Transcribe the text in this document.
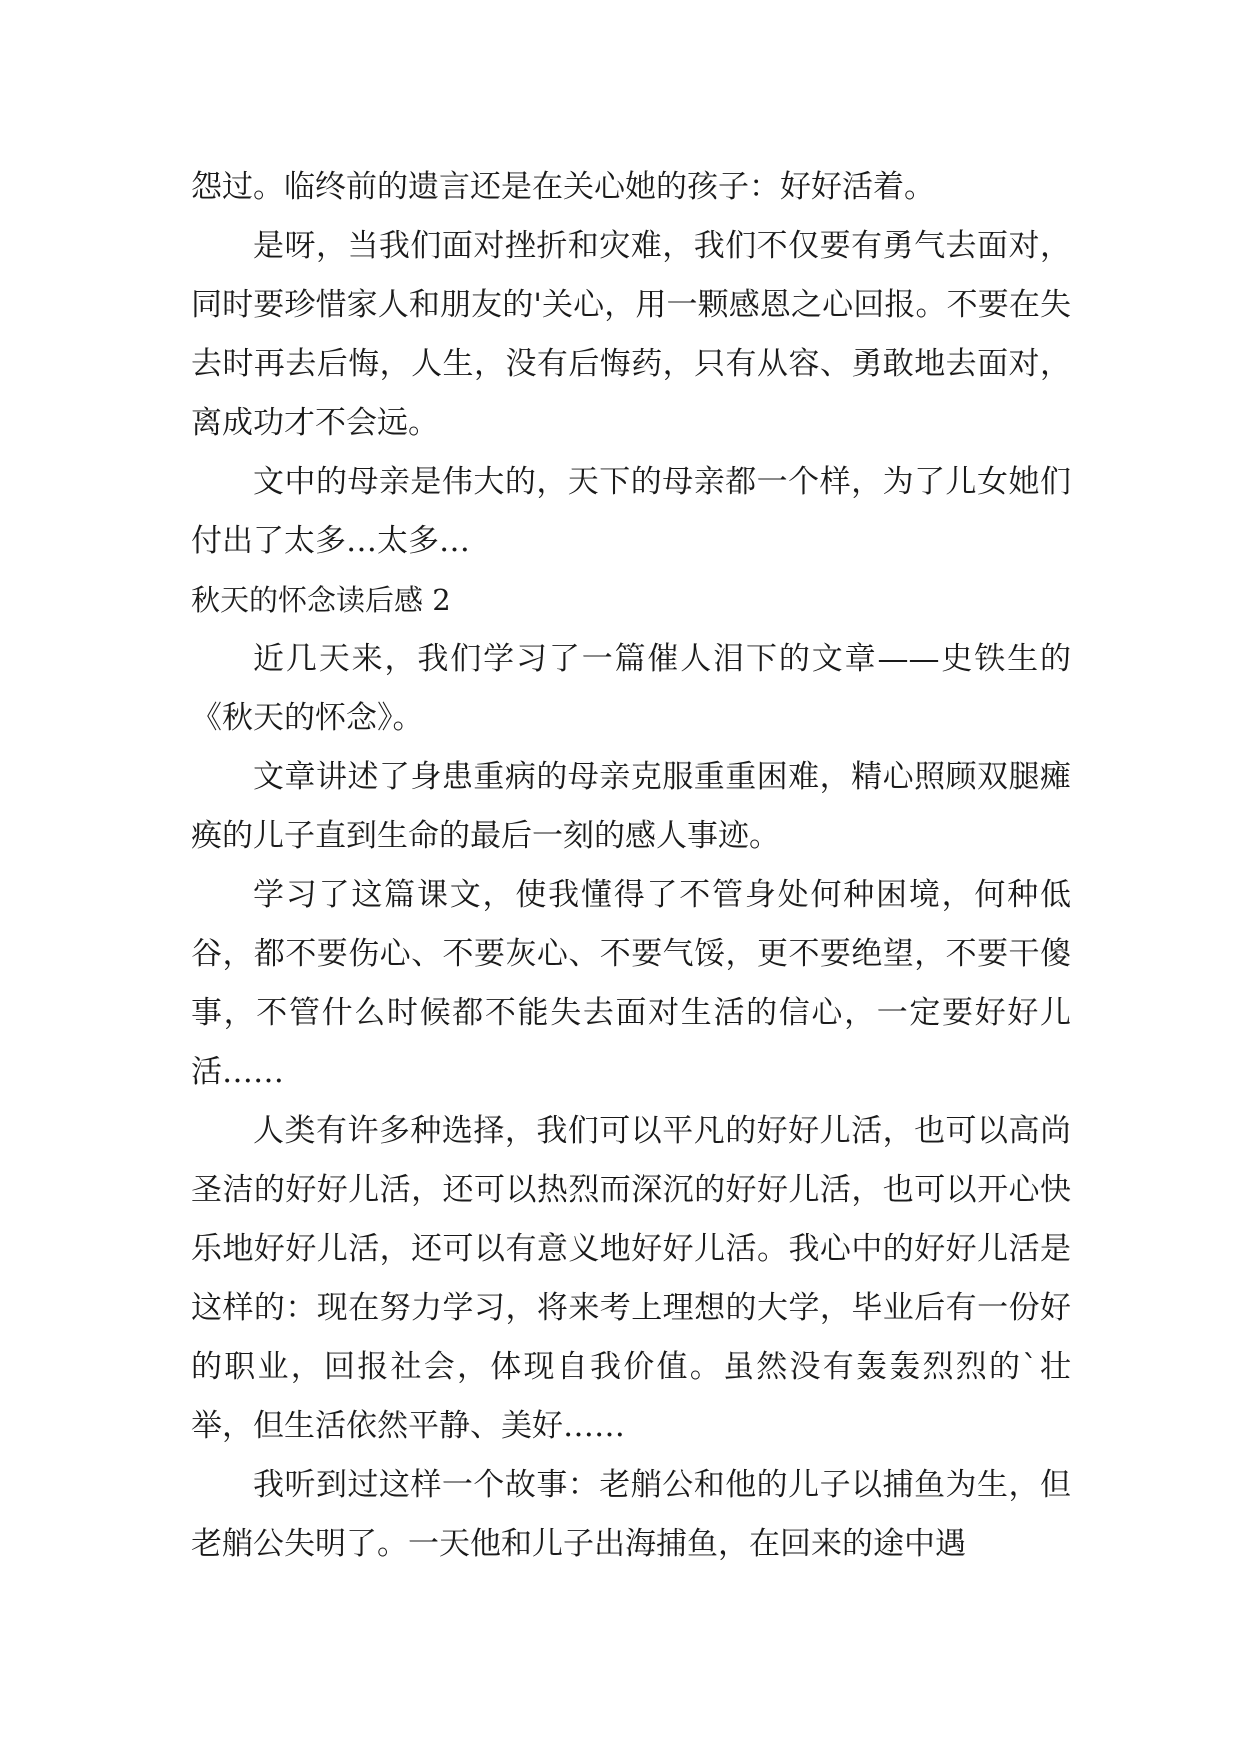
怨过。临终前的遗言还是在关心她的孩子：好好活着。

是呀，当我们面对挫折和灾难，我们不仅要有勇气去面对，同时要珍惜家人和朋友的'关心，用一颗感恩之心回报。不要在失去时再去后悔，人生，没有后悔药，只有从容、勇敢地去面对，离成功才不会远。

文中的母亲是伟大的，天下的母亲都一个样，为了儿女她们付出了太多…太多…

秋天的怀念读后感 2

近几天来，我们学习了一篇催人泪下的文章——史铁生的《秋天的怀念》。

文章讲述了身患重病的母亲克服重重困难，精心照顾双腿瘫痪的儿子直到生命的最后一刻的感人事迹。

学习了这篇课文，使我懂得了不管身处何种困境，何种低谷，都不要伤心、不要灰心、不要气馁，更不要绝望，不要干傻事，不管什么时候都不能失去面对生活的信心，一定要好好儿活……

人类有许多种选择，我们可以平凡的好好儿活，也可以高尚圣洁的好好儿活，还可以热烈而深沉的好好儿活，也可以开心快乐地好好儿活，还可以有意义地好好儿活。我心中的好好儿活是这样的：现在努力学习，将来考上理想的大学，毕业后有一份好的职业，回报社会，体现自我价值。虽然没有轰轰烈烈的`壮举，但生活依然平静、美好……

我听到过这样一个故事：老艄公和他的儿子以捕鱼为生，但老艄公失明了。一天他和儿子出海捕鱼，在回来的途中遇
